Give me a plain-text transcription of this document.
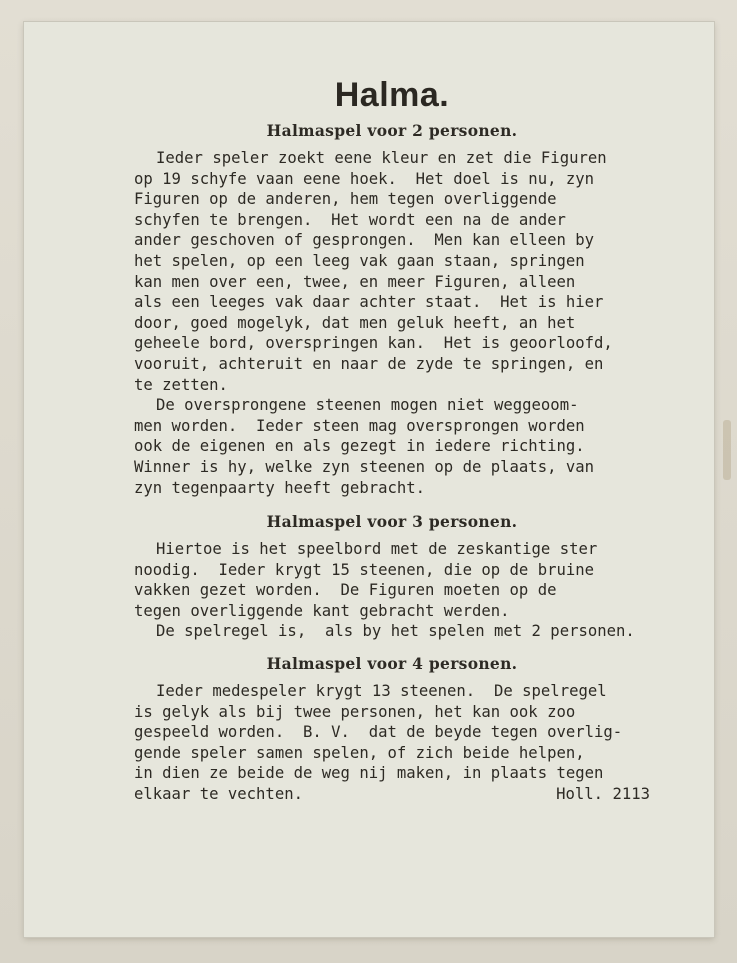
Halma.
Halmaspel voor 2 personen.
Ieder speler zoekt eene kleur en zet die Figuren
op 19 schyfe vaan eene hoek.  Het doel is nu, zyn
Figuren op de anderen, hem tegen overliggende
schyfen te brengen.  Het wordt een na de ander
ander geschoven of gesprongen.  Men kan elleen by
het spelen, op een leeg vak gaan staan, springen
kan men over een, twee, en meer Figuren, alleen
als een leeges vak daar achter staat.  Het is hier
door, goed mogelyk, dat men geluk heeft, an het
geheele bord, overspringen kan.  Het is geoorloofd,
vooruit, achteruit en naar de zyde te springen, en
te zetten.
De oversprongene steenen mogen niet weggeoom-
men worden.  Ieder steen mag oversprongen worden
ook de eigenen en als gezegt in iedere richting.
Winner is hy, welke zyn steenen op de plaats, van
zyn tegenpaarty heeft gebracht.
Halmaspel voor 3 personen.
Hiertoe is het speelbord met de zeskantige ster
noodig.  Ieder krygt 15 steenen, die op de bruine
vakken gezet worden.  De Figuren moeten op de
tegen overliggende kant gebracht werden.
De spelregel is,  als by het spelen met 2 personen.
Halmaspel voor 4 personen.
Ieder medespeler krygt 13 steenen.  De spelregel
is gelyk als bij twee personen, het kan ook zoo
gespeeld worden.  B. V.  dat de beyde tegen overlig-
gende speler samen spelen, of zich beide helpen,
in dien ze beide de weg nij maken, in plaats tegen
elkaar te vechten.	Holl. 2113
